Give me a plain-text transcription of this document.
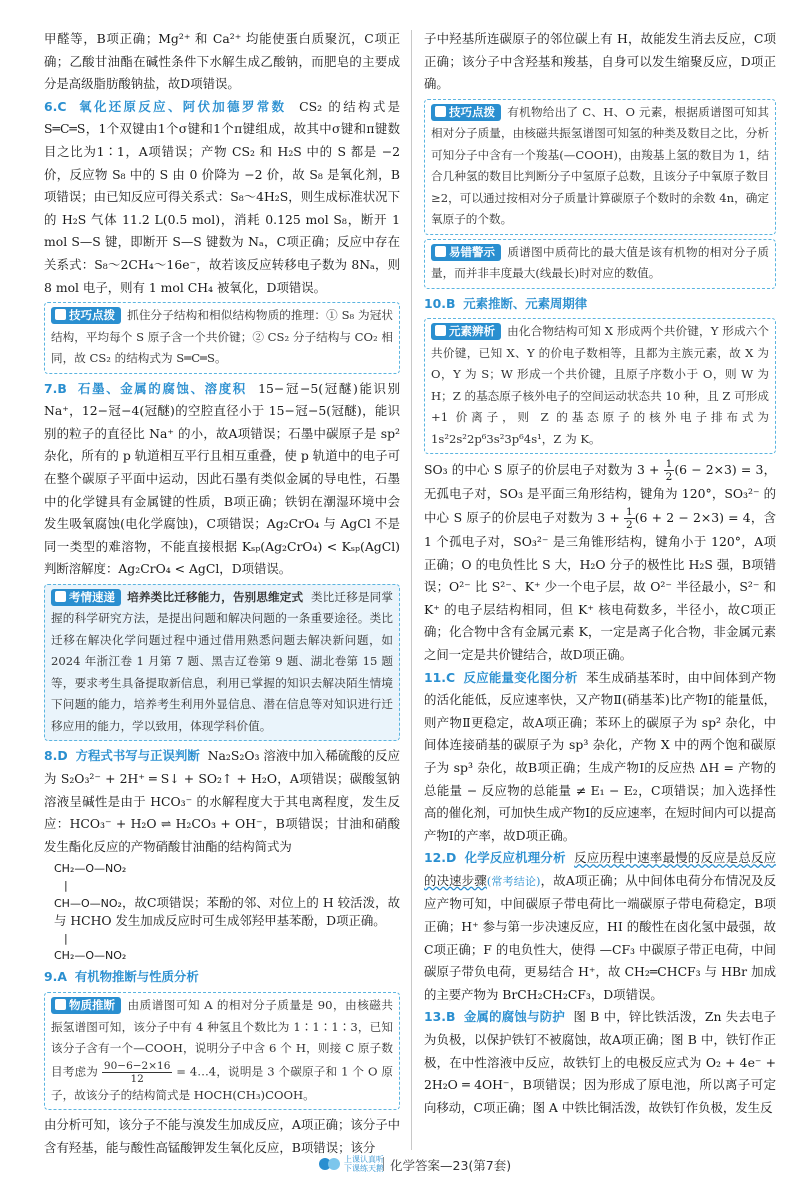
甲醛等，B项正确；Mg²⁺ 和 Ca²⁺ 均能使蛋白质聚沉，C项正确；乙酸甘油酯在碱性条件下水解生成乙酸钠，而肥皂的主要成分是高级脂肪酸钠盐，故D项错误。

6.C 氧化还原反应、阿伏加德罗常数 CS₂ 的结构式是 S═C═S，1个双键由1个σ键和1个π键组成，故其中σ键和π键数目之比为1∶1，A项错误；产物 CS₂ 和 H₂S 中的 S 都是 −2 价，反应物 S₈ 中的 S 由 0 价降为 −2 价，故 S₈ 是氧化剂，B项错误；由已知反应可得关系式：S₈～4H₂S，则生成标准状况下的 H₂S 气体 11.2 L(0.5 mol)，消耗 0.125 mol S₈，断开 1 mol S—S 键，即断开 S—S 键数为 Nₐ，C项正确；反应中存在关系式：S₈～2CH₄～16e⁻，故若该反应转移电子数为 8Nₐ，则 8 mol 电子，则有 1 mol CH₄ 被氧化，D项错误。

技巧点拨 抓住分子结构和相似结构物质的推理：① S₈ 为冠状结构，平均每个 S 原子含一个共价键；② CS₂ 分子结构与 CO₂ 相同，故 CS₂ 的结构式为 S═C═S。

7.B 石墨、金属的腐蚀、溶度积 15−冠−5(冠醚)能识别 Na⁺，12−冠−4(冠醚)的空腔直径小于 15−冠−5(冠醚)，能识别的粒子的直径比 Na⁺ 的小，故A项错误；石墨中碳原子是 sp² 杂化，所有的 p 轨道相互平行且相互重叠，使 p 轨道中的电子可在整个碳原子平面中运动，因此石墨有类似金属的导电性，石墨中的化学键具有金属键的性质，B项正确；铁钥在潮湿环境中会发生吸氧腐蚀(电化学腐蚀)，C项错误；Ag₂CrO₄ 与 AgCl 不是同一类型的难溶物，不能直接根据 Kₛₚ(Ag₂CrO₄) < Kₛₚ(AgCl) 判断溶解度：Ag₂CrO₄ < AgCl，D项错误。

考情速递 培养类比迁移能力，告别思维定式 类比迁移是同掌握的科学研究方法，是提出问题和解决问题的一条重要途径。类比迁移在解决化学问题过程中通过借用熟悉问题去解决新问题，如 2024 年浙江卷 1 月第 7 题、黑吉辽卷第 9 题、湖北卷第 15 题等，要求考生具备提取新信息，利用已掌握的知识去解决陌生情境下问题的能力，培养考生利用外显信息、潜在信息等对知识进行迁移应用的能力，学以致用，体现学科价值。

8.D 方程式书写与正误判断 Na₂S₂O₃ 溶液中加入稀硫酸的反应为 S₂O₃²⁻ + 2H⁺ ═ S↓ + SO₂↑ + H₂O，A项错误；碳酸氢钠溶液呈碱性是由于 HCO₃⁻ 的水解程度大于其电离程度，发生反应：HCO₃⁻ + H₂O ⇌ H₂CO₃ + OH⁻，B项错误；甘油和硝酸发生酯化反应的产物硝酸甘油酯的结构简式为

CH₂—O—NO₂
|
CH—O—NO₂，故C项错误；苯酚的邻、对位上的 H 较活泼，故与 HCHO 发生加成反应时可生成邻羟甲基苯酚，D项正确。
|
CH₂—O—NO₂

9.A 有机物推断与性质分析

物质推断 由质谱图可知 A 的相对分子质量是 90，由核磁共振氢谱图可知，该分子中有 4 种氢且个数比为 1∶1∶1∶3，已知该分子含有一个—COOH，说明分子中含 6 个 H，则接 C 原子数目考虑为 $\frac{90-6-2\times 16}{12}$ = 4…4，说明是 3 个碳原子和 1 个 O 原子，故该分子的结构简式是 HOCH(CH₃)COOH。

由分析可知，该分子不能与溴发生加成反应，A项正确；该分子中含有羟基，能与酸性高锰酸钾发生氧化反应，B项错误；该分

子中羟基所连碳原子的邻位碳上有 H，故能发生消去反应，C项正确；该分子中含羟基和羧基，自身可以发生缩聚反应，D项正确。

技巧点拨 有机物给出了 C、H、O 元素，根据质谱图可知其相对分子质量，由核磁共振氢谱图可知氢的种类及数目之比，分析可知分子中含有一个羧基(—COOH)，由羧基上氢的数目为 1，结合几种氢的数目比判断分子中氢原子总数，且该分子中氧原子数目 ≥2，可以通过按相对分子质量计算碳原子个数时的余数 4n，确定氧原子的个数。
易错警示 质谱图中质荷比的最大值是该有机物的相对分子质量，而并非丰度最大(线最长)时对应的数值。

10.B 元素推断、元素周期律

元素辨析 由化合物结构可知 X 形成两个共价键，Y 形成六个共价键，已知 X、Y 的价电子数相等，且都为主族元素，故 X 为 O，Y 为 S；W 形成一个共价键，且原子序数小于 O，则 W 为 H；Z 的基态原子核外电子的空间运动状态共 10 种，且 Z 可形成 +1 价离子，则 Z 的基态原子的核外电子排布式为 1s²2s²2p⁶3s²3p⁶4s¹，Z 为 K。

SO₃ 的中心 S 原子的价层电子对数为 $3 + \frac{1}{2} (6 - 2\times 3) = 3$，无孤电子对，SO₃ 是平面三角形结构，键角为 120°，SO₃²⁻ 的中心 S 原子的价层电子对数为 $3 + \frac{1}{2} (6 + 2 - 2\times 3) = 4$，含 1 个孤电子对，SO₃²⁻ 是三角锥形结构，键角小于 120°，A项正确；O 的电负性比 S 大，H₂O 分子的极性比 H₂S 强，B项错误；O²⁻ 比 S²⁻、K⁺ 少一个电子层，故 O²⁻ 半径最小，S²⁻ 和 K⁺ 的电子层结构相同，但 K⁺ 核电荷数多，半径小，故C项正确；化合物中含有金属元素 K，一定是离子化合物，非金属元素之间一定是共价键结合，故D项正确。

11.C 反应能量变化图分析 苯生成硝基苯时，由中间体到产物的活化能低，反应速率快，又产物Ⅱ(硝基苯)比产物Ⅰ的能量低，则产物Ⅱ更稳定，故A项正确；苯环上的碳原子为 sp² 杂化，中间体连接硝基的碳原子为 sp³ 杂化，产物 X 中的两个饱和碳原子为 sp³ 杂化，故B项正确；生成产物Ⅰ的反应热 ΔH = 产物的总能量 − 反应物的总能量 ≠ E₁ − E₂，C项错误；加入选择性高的催化剂，可加快生成产物Ⅰ的反应速率，在短时间内可以提高产物Ⅰ的产率，故D项正确。

12.D 化学反应机理分析 反应历程中速率最慢的反应是总反应的决速步骤(常考结论)，故A项正确；从中间体电荷分布情况及反应产物可知，中间碳原子带电荷比一端碳原子带电荷稳定，B项正确；H⁺ 参与第一步决速反应，HI 的酸性在卤化氢中最强，故C项正确；F 的电负性大，使得 —CF₃ 中碳原子带正电荷，中间碳原子带负电荷，更易结合 H⁺，故 CH₂═CHCF₃ 与 HBr 加成的主要产物为 BrCH₂CH₂CF₃，D项错误。

13.B 金属的腐蚀与防护 图 B 中，锌比铁活泼，Zn 失去电子为负极，以保护铁钉不被腐蚀，故A项正确；图 B 中，铁钉作正极，在中性溶液中反应，故铁钉上的电极反应式为 O₂ + 4e⁻ + 2H₂O ═ 4OH⁻，B项错误；因为形成了原电池，所以离子可定向移动，C项正确；图 A 中铁比铜活泼，故铁钉作负极，发生反

上课认真听
下课练天鹅 化学答案—23(第7套)
